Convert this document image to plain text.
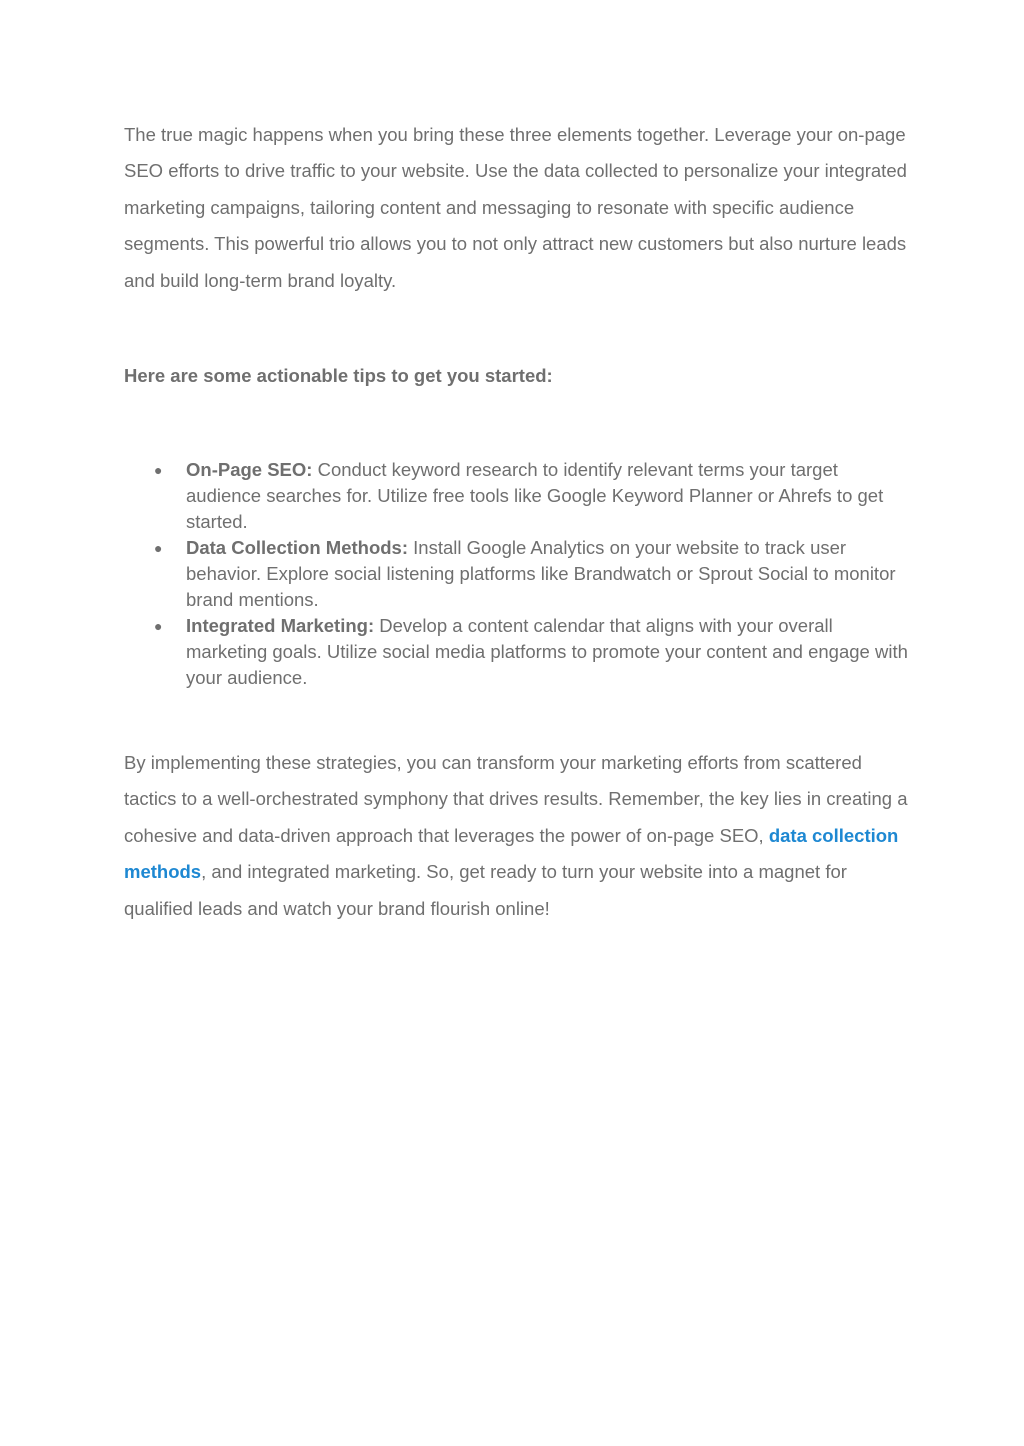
The true magic happens when you bring these three elements together. Leverage your on-page SEO efforts to drive traffic to your website. Use the data collected to personalize your integrated marketing campaigns, tailoring content and messaging to resonate with specific audience segments. This powerful trio allows you to not only attract new customers but also nurture leads and build long-term brand loyalty.

Here are some actionable tips to get you started:

● On-Page SEO: Conduct keyword research to identify relevant terms your target audience searches for. Utilize free tools like Google Keyword Planner or Ahrefs to get started.
● Data Collection Methods: Install Google Analytics on your website to track user behavior. Explore social listening platforms like Brandwatch or Sprout Social to monitor brand mentions.
● Integrated Marketing: Develop a content calendar that aligns with your overall marketing goals. Utilize social media platforms to promote your content and engage with your audience.

By implementing these strategies, you can transform your marketing efforts from scattered tactics to a well-orchestrated symphony that drives results. Remember, the key lies in creating a cohesive and data-driven approach that leverages the power of on-page SEO, data collection methods, and integrated marketing. So, get ready to turn your website into a magnet for qualified leads and watch your brand flourish online!
